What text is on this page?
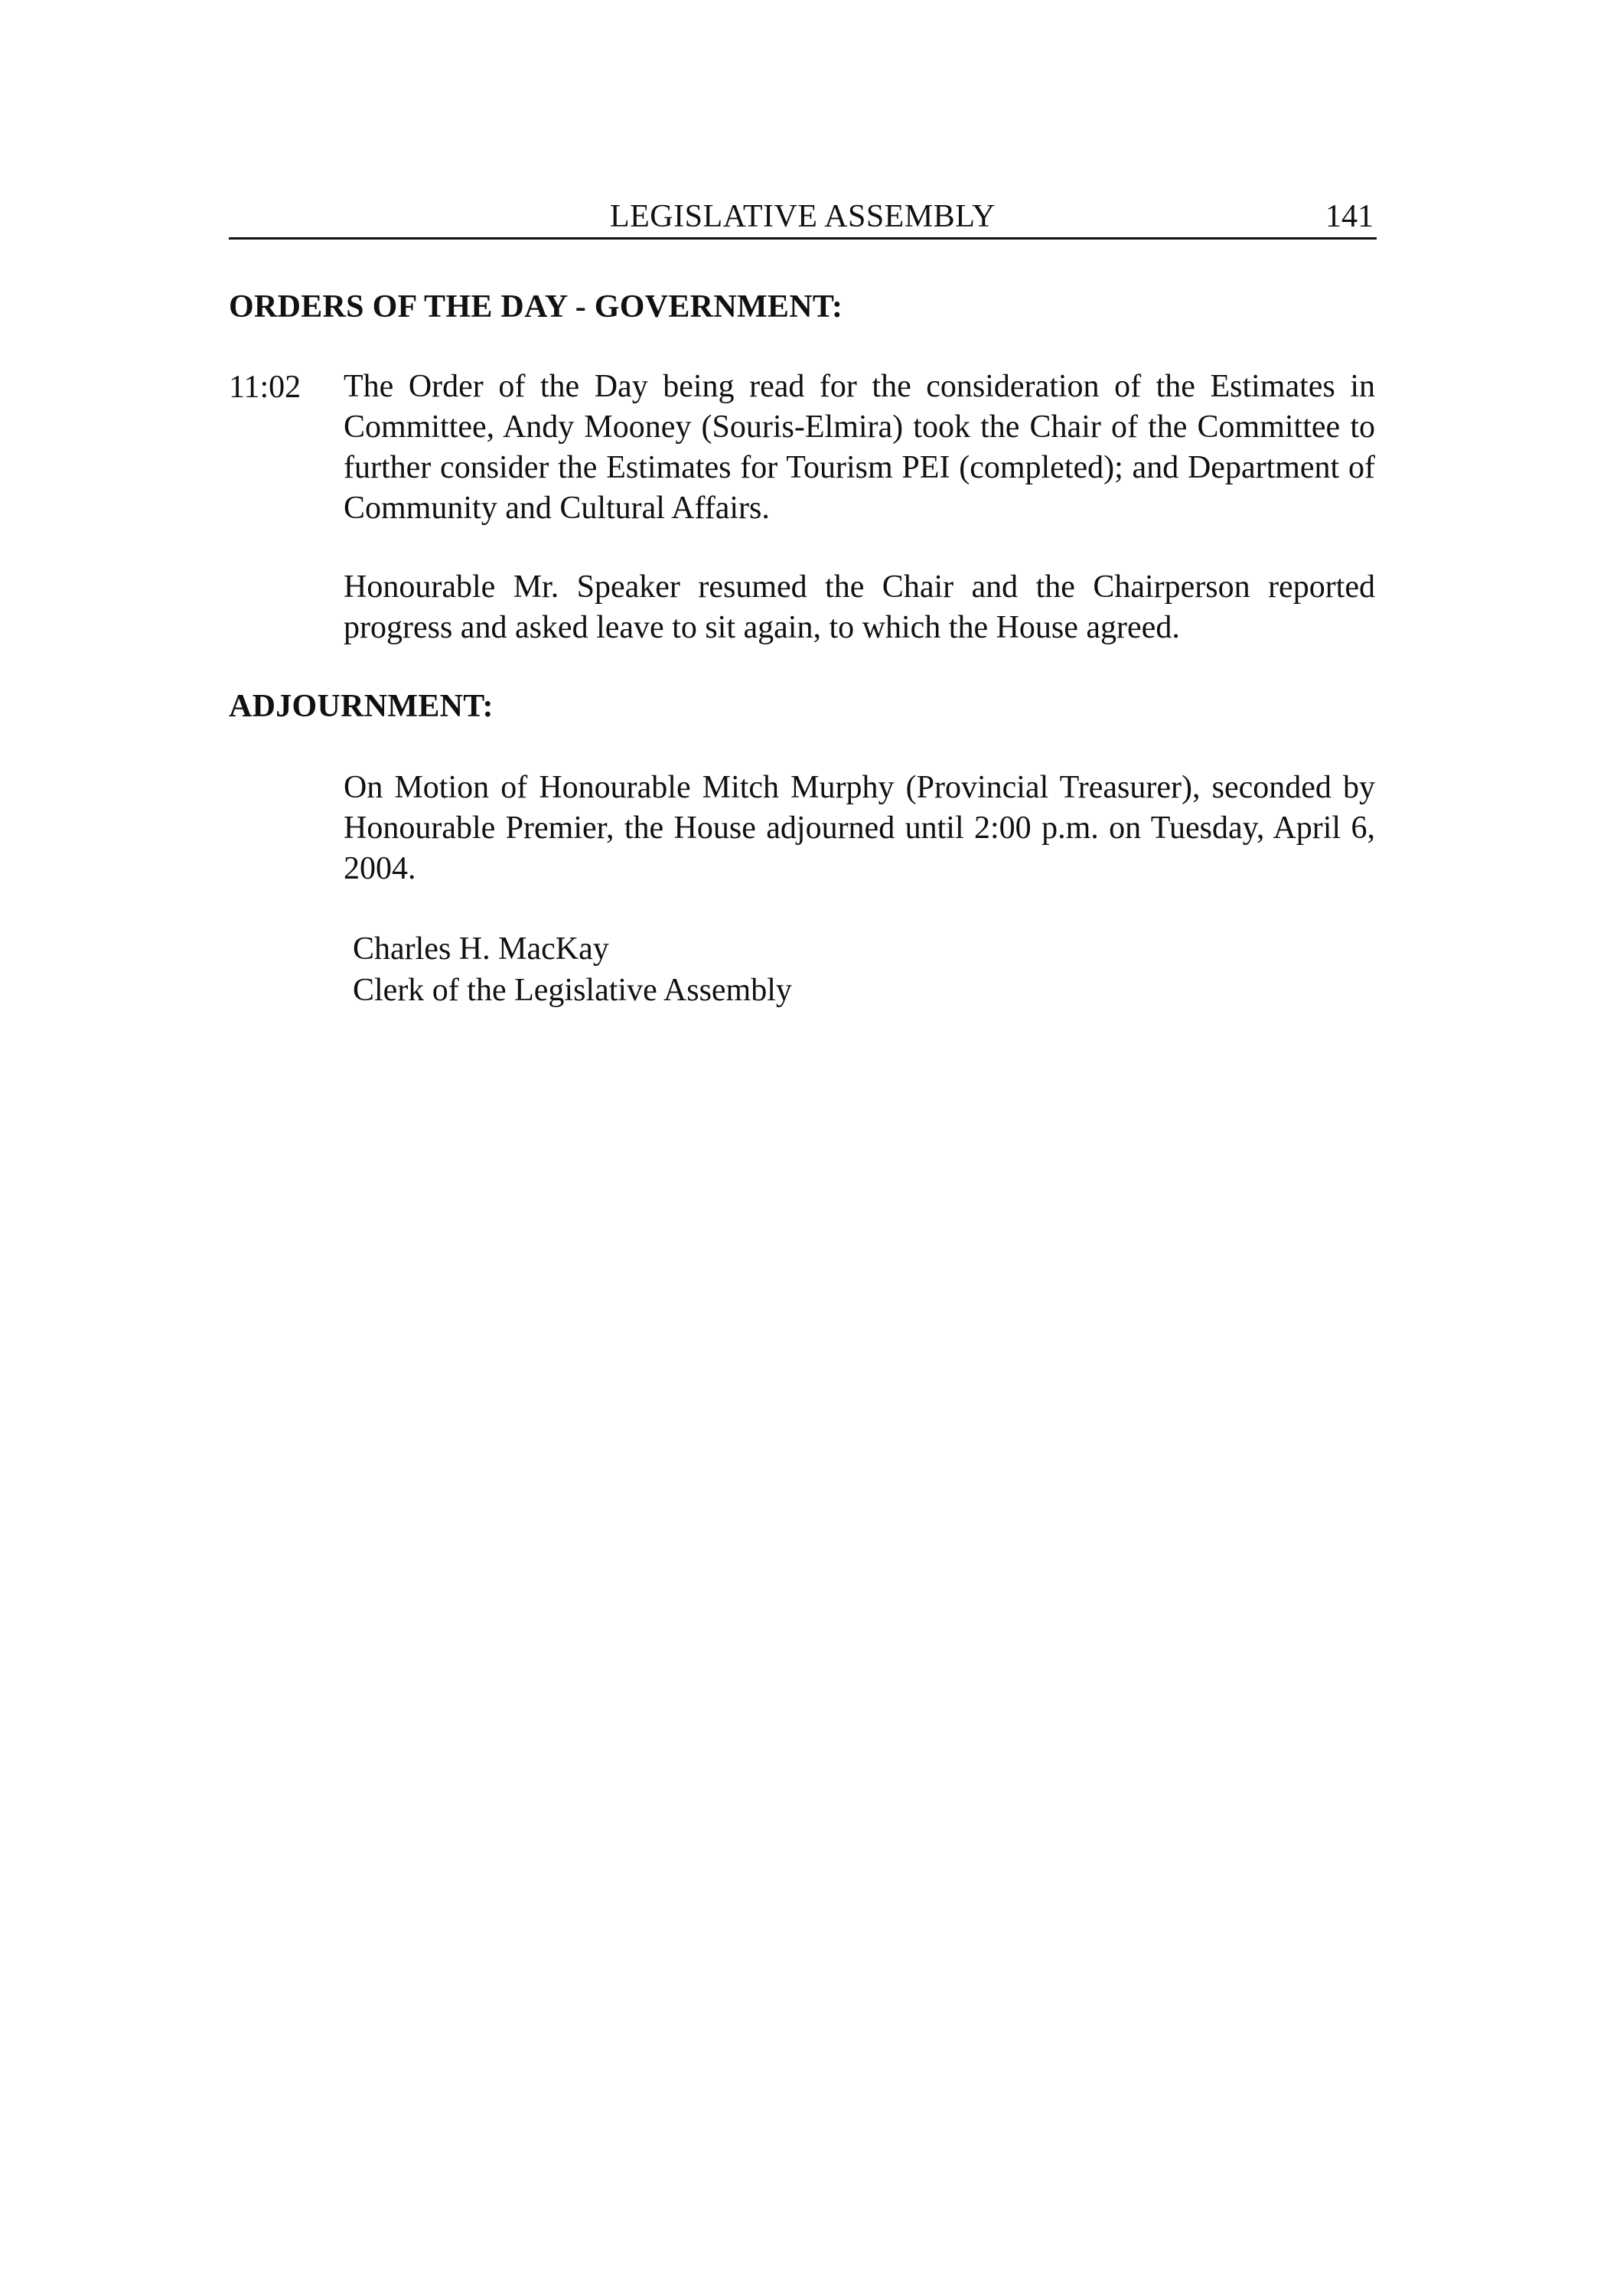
LEGISLATIVE ASSEMBLY	141
ORDERS OF THE DAY - GOVERNMENT:
11:02 The Order of the Day being read for the consideration of the Estimates in Committee, Andy Mooney (Souris-Elmira) took the Chair of the Committee to further consider the Estimates for Tourism PEI (completed); and Department of Community and Cultural Affairs.

Honourable Mr. Speaker resumed the Chair and the Chairperson reported progress and asked leave to sit again, to which the House agreed.

ADJOURNMENT:

On Motion of Honourable Mitch Murphy (Provincial Treasurer), seconded by Honourable Premier, the House adjourned until 2:00 p.m. on Tuesday, April 6, 2004.

Charles H. MacKay
Clerk of the Legislative Assembly
